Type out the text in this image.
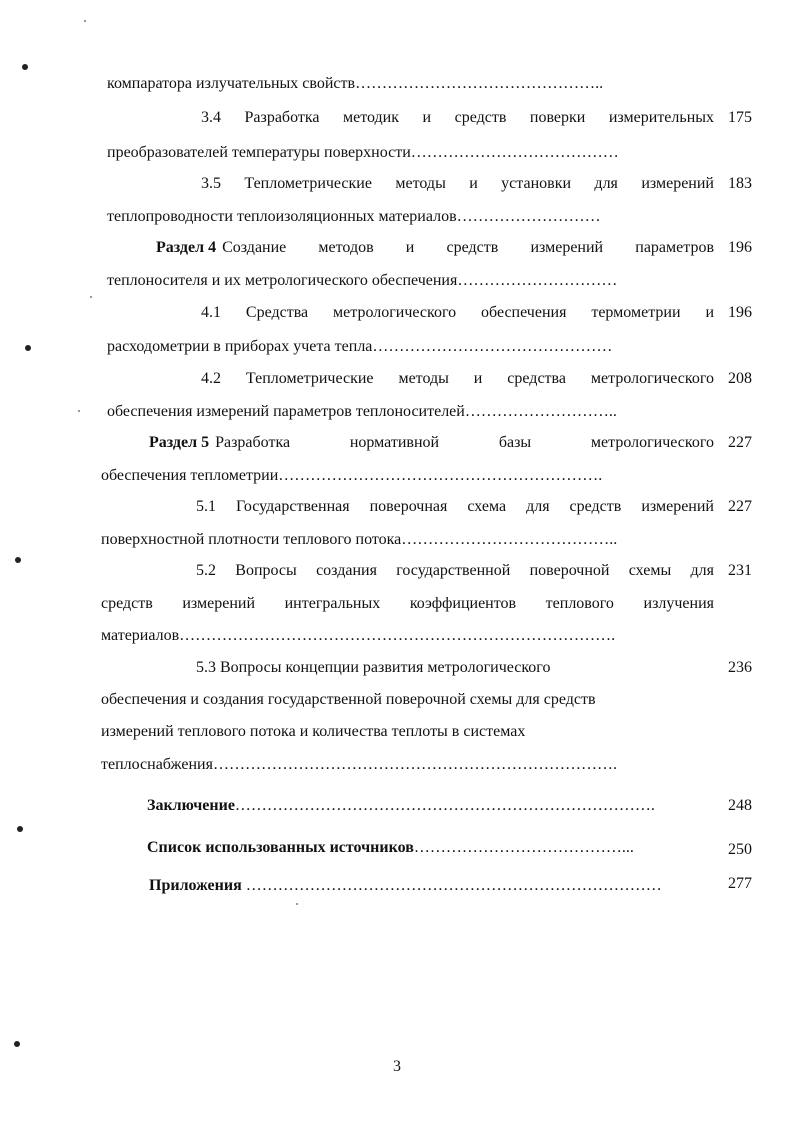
компаратора излучательных свойств………………………………………..
3.4 Разработка методик и средств поверки измерительных 175
преобразователей температуры поверхности…………………………………
3.5 Теплометрические методы и установки для измерений 183
теплопроводности теплоизоляционных материалов………………………
Раздел 4 Создание методов и средств измерений параметров 196
теплоносителя и их метрологического обеспечения…………………………
4.1 Средства метрологического обеспечения термометрии и 196
расходометрии в приборах учета тепла………………………………………
4.2 Теплометрические методы и средства метрологического 208
обеспечения измерений параметров теплоносителей………………………..
Раздел 5 Разработка нормативной базы метрологического 227
обеспечения теплометрии…………………………………………………….
5.1 Государственная поверочная схема для средств измерений 227
поверхностной плотности теплового потока…………………………………..
5.2 Вопросы создания государственной поверочной схемы для 231
средств измерений интегральных коэффициентов теплового излучения
материалов……………………………………………………………………….
5.3 Вопросы концепции развития метрологического	236
обеспечения и создания государственной поверочной схемы для средств
измерений теплового потока и количества теплоты в системах
теплоснабжения………………………………………………………………….
Заключение…………………………………………………………………….	248
Список использованных источников…………………………………...	250
Приложения ……………………………………………………………………	277
3
